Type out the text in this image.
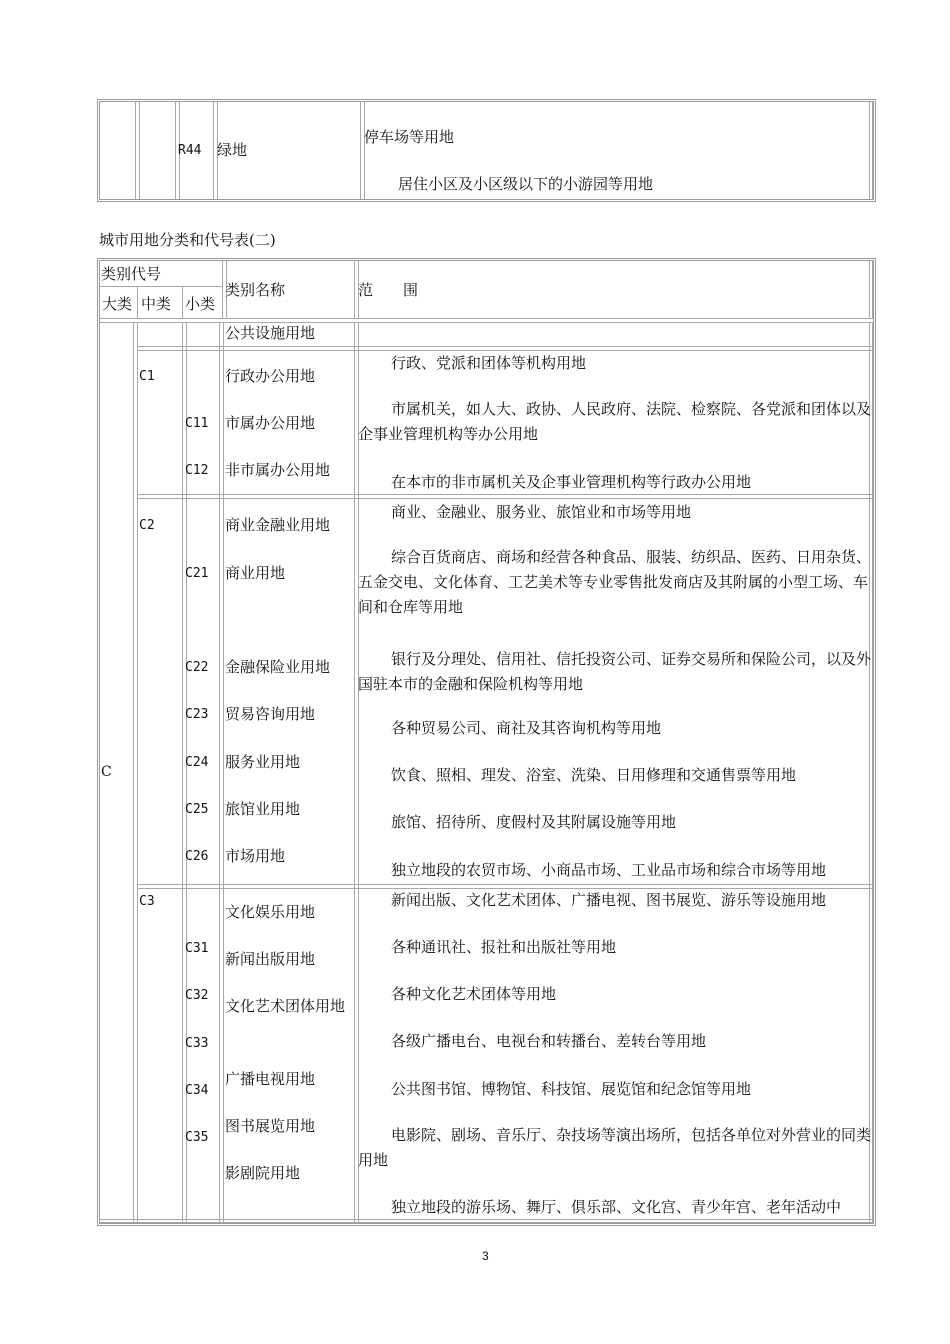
R44 绿地
停车场等用地
居住小区及小区级以下的小游园等用地
城市用地分类和代号表(二)
类别代号
大类 中类 小类
类别名称	范　　围
C
公共设施用地
C1
C11
C12
行政办公用地
市属办公用地
非市属办公用地
行政、党派和团体等机构用地
市属机关，如人大、政协、人民政府、法院、检察院、各党派和团体以及企事业管理机构等办公用地
在本市的非市属机关及企事业管理机构等行政办公用地
C2
C21
C22
C23
C24
C25
C26
商业金融业用地
商业用地
金融保险业用地
贸易咨询用地
服务业用地
旅馆业用地
市场用地
商业、金融业、服务业、旅馆业和市场等用地
综合百货商店、商场和经营各种食品、服装、纺织品、医药、日用杂货、五金交电、文化体育、工艺美术等专业零售批发商店及其附属的小型工场、车间和仓库等用地
银行及分理处、信用社、信托投资公司、证券交易所和保险公司，以及外国驻本市的金融和保险机构等用地
各种贸易公司、商社及其咨询机构等用地
饮食、照相、理发、浴室、洗染、日用修理和交通售票等用地
旅馆、招待所、度假村及其附属设施等用地
独立地段的农贸市场、小商品市场、工业品市场和综合市场等用地
C3
C31
C32
C33
C34
C35
文化娱乐用地
新闻出版用地
文化艺术团体用地
广播电视用地
图书展览用地
影剧院用地
新闻出版、文化艺术团体、广播电视、图书展览、游乐等设施用地
各种通讯社、报社和出版社等用地
各种文化艺术团体等用地
各级广播电台、电视台和转播台、差转台等用地
公共图书馆、博物馆、科技馆、展览馆和纪念馆等用地
电影院、剧场、音乐厅、杂技场等演出场所，包括各单位对外营业的同类用地
独立地段的游乐场、舞厅、俱乐部、文化宫、青少年宫、老年活动中
3
